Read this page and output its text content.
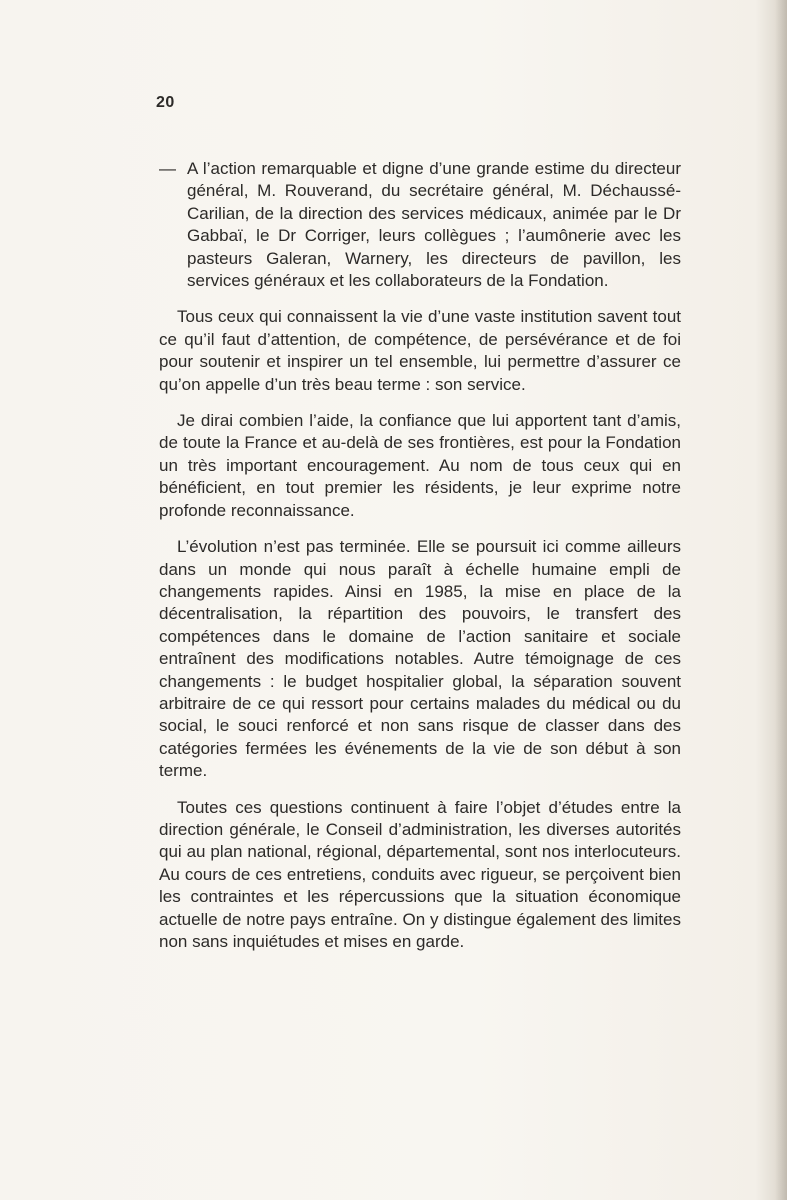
20

— A l’action remarquable et digne d’une grande estime du directeur général, M. Rouverand, du secrétaire général, M. Déchaussé-Carilian, de la direction des services médicaux, animée par le Dr Gabbaï, le Dr Corriger, leurs collègues ; l’aumônerie avec les pasteurs Galeran, Warnery, les directeurs de pavillon, les services généraux et les collaborateurs de la Fondation.

Tous ceux qui connaissent la vie d’une vaste institution savent tout ce qu’il faut d’attention, de compétence, de persévérance et de foi pour soutenir et inspirer un tel ensemble, lui permettre d’assurer ce qu’on appelle d’un très beau terme : son service.

Je dirai combien l’aide, la confiance que lui apportent tant d’amis, de toute la France et au-delà de ses frontières, est pour la Fondation un très important encouragement. Au nom de tous ceux qui en bénéficient, en tout premier les résidents, je leur exprime notre profonde reconnaissance.

L’évolution n’est pas terminée. Elle se poursuit ici comme ailleurs dans un monde qui nous paraît à échelle humaine empli de changements rapides. Ainsi en 1985, la mise en place de la décentralisation, la répartition des pouvoirs, le transfert des compétences dans le domaine de l’action sanitaire et sociale entraînent des modifications notables. Autre témoignage de ces changements : le budget hospitalier global, la séparation souvent arbitraire de ce qui ressort pour certains malades du médical ou du social, le souci renforcé et non sans risque de classer dans des catégories fermées les événements de la vie de son début à son terme.

Toutes ces questions continuent à faire l’objet d’études entre la direction générale, le Conseil d’administration, les diverses autorités qui au plan national, régional, départemental, sont nos interlocuteurs. Au cours de ces entretiens, conduits avec rigueur, se perçoivent bien les contraintes et les répercussions que la situation économique actuelle de notre pays entraîne. On y distingue également des limites non sans inquiétudes et mises en garde.
